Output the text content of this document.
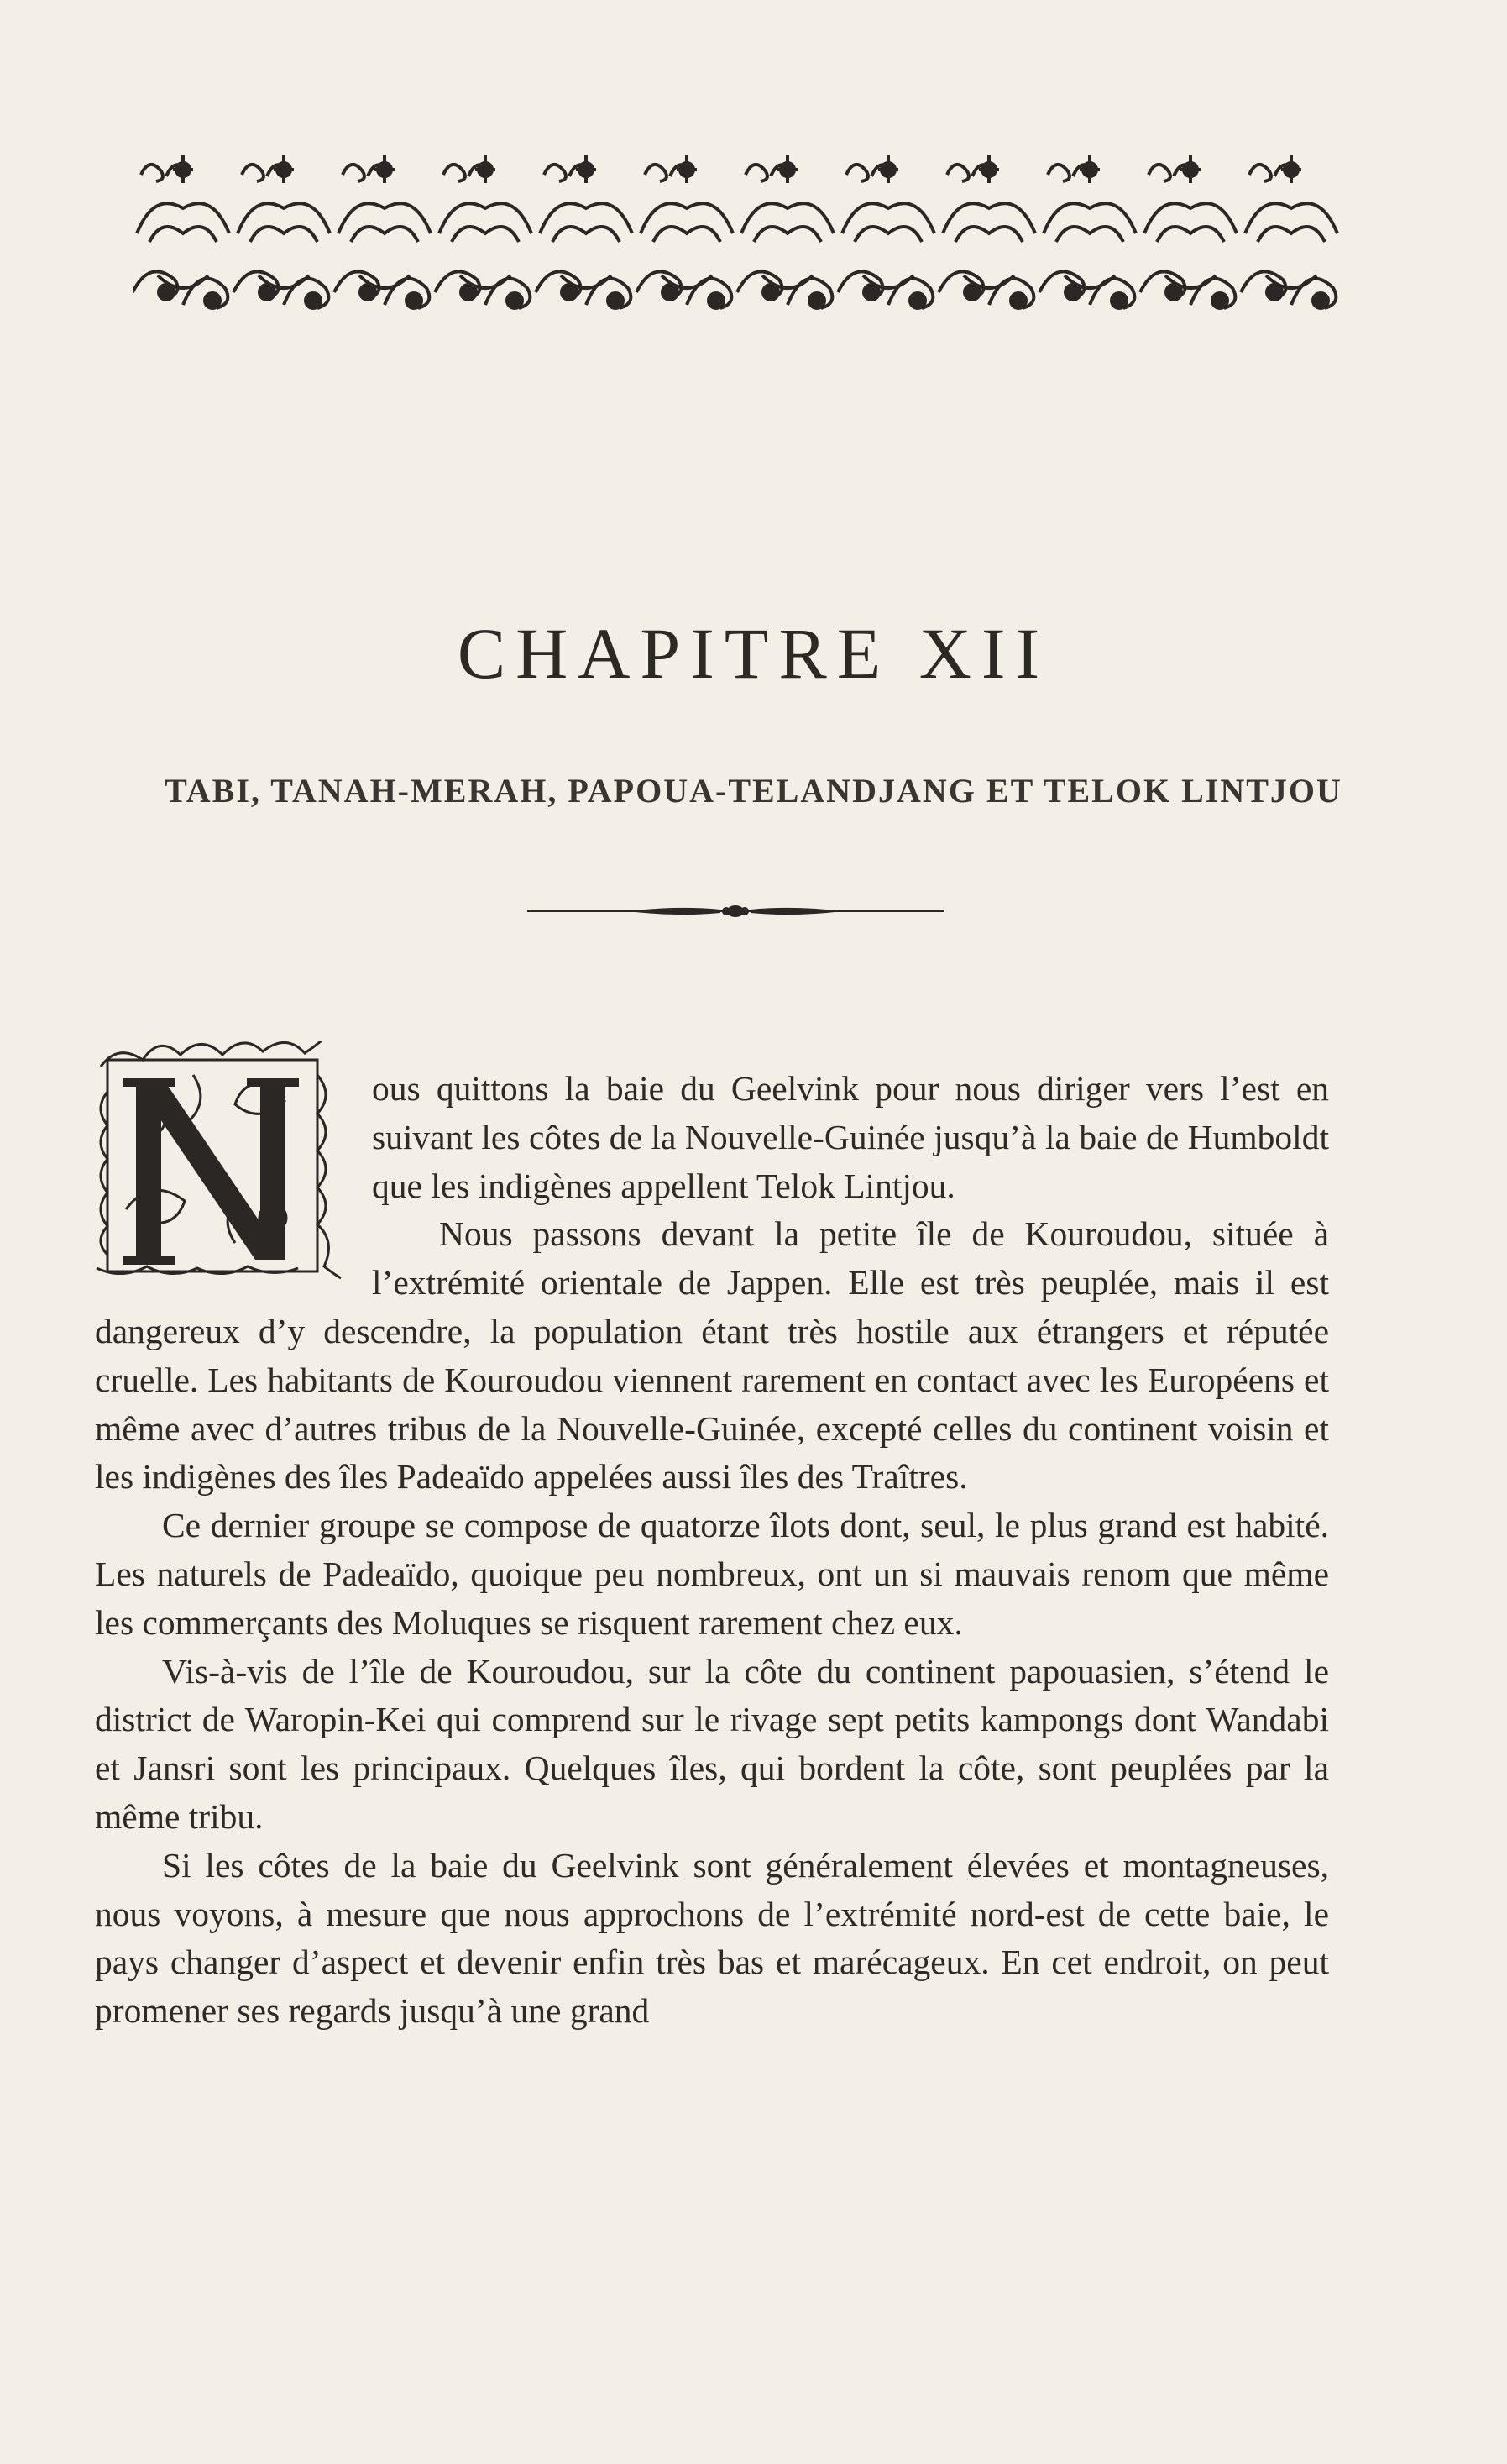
CHAPITRE XII
TABI, TANAH-MERAH, PAPOUA-TELANDJANG ET TELOK LINTJOU

ous quittons la baie du Geelvink pour nous diriger vers l’est en suivant les côtes de la Nouvelle-Guinée jusqu’à la baie de Humboldt que les indigènes appellent Telok Lintjou.

Nous passons devant la petite île de Kouroudou, située à l’extrémité orientale de Jappen. Elle est très peuplée, mais il est dangereux d’y descendre, la population étant très hostile aux étrangers et réputée cruelle. Les habitants de Kouroudou viennent rarement en contact avec les Européens et même avec d’autres tribus de la Nouvelle-Guinée, excepté celles du continent voisin et les indigènes des îles Padeaïdo appelées aussi îles des Traîtres.

Ce dernier groupe se compose de quatorze îlots dont, seul, le plus grand est habité. Les naturels de Padeaïdo, quoique peu nombreux, ont un si mauvais renom que même les commerçants des Moluques se risquent rarement chez eux.

Vis-à-vis de l’île de Kouroudou, sur la côte du continent papouasien, s’étend le district de Waropin-Kei qui comprend sur le rivage sept petits kampongs dont Wandabi et Jansri sont les principaux. Quelques îles, qui bordent la côte, sont peuplées par la même tribu.

Si les côtes de la baie du Geelvink sont généralement élevées et montagneuses, nous voyons, à mesure que nous approchons de l’extrémité nord-est de cette baie, le pays changer d’aspect et devenir enfin très bas et marécageux. En cet endroit, on peut promener ses regards jusqu’à une grand
